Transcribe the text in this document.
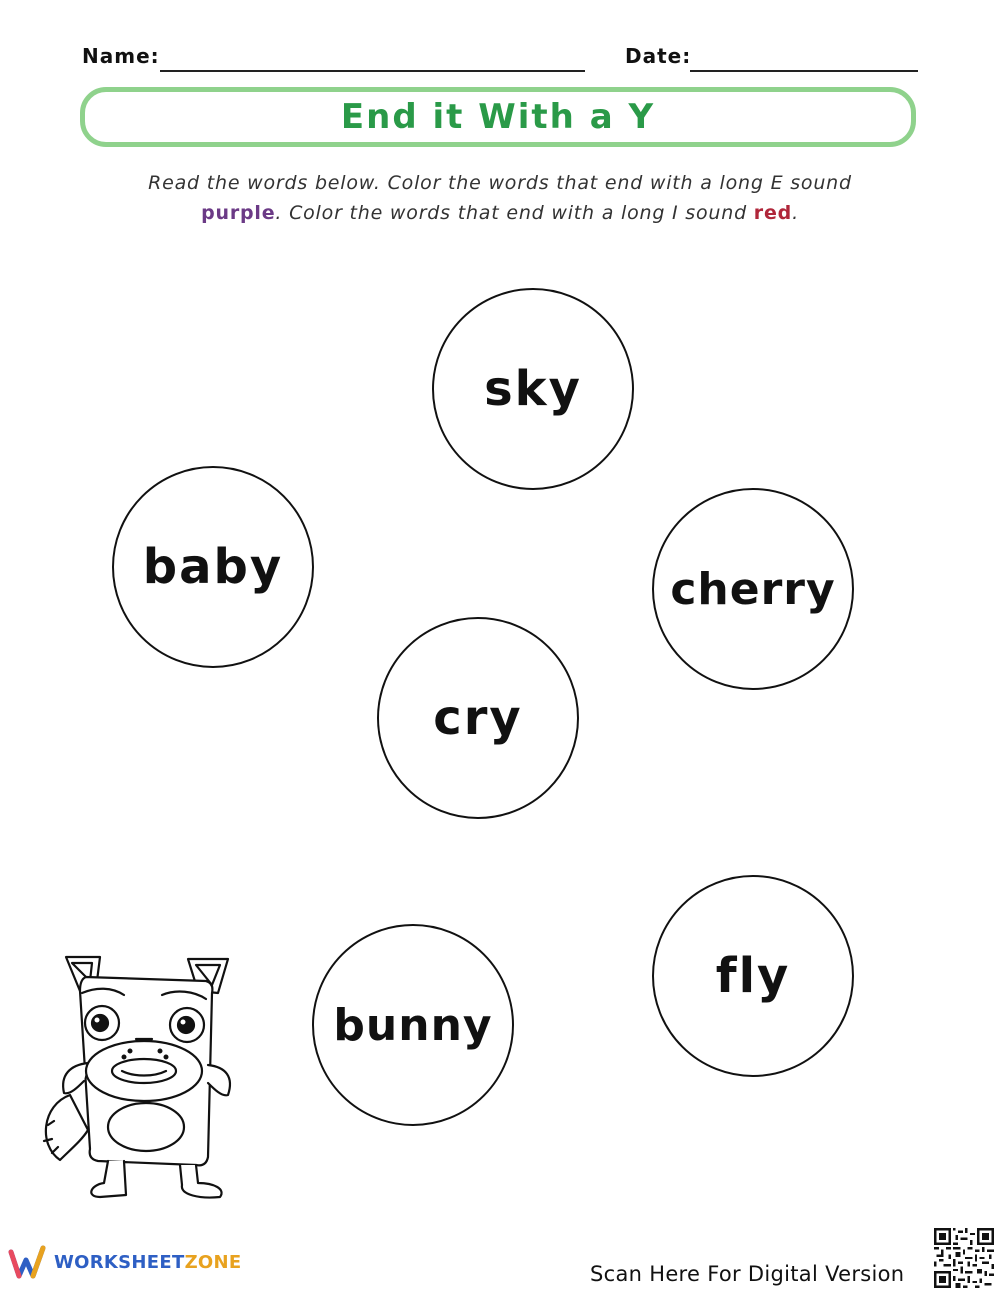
Name:	Date:
End it With a Y
Read the words below. Color the words that end with a long E sound purple. Color the words that end with a long I sound red.
sky
baby	cherry
cry
bunny
fly
WORKSHEETZONE	Scan Here For Digital Version
